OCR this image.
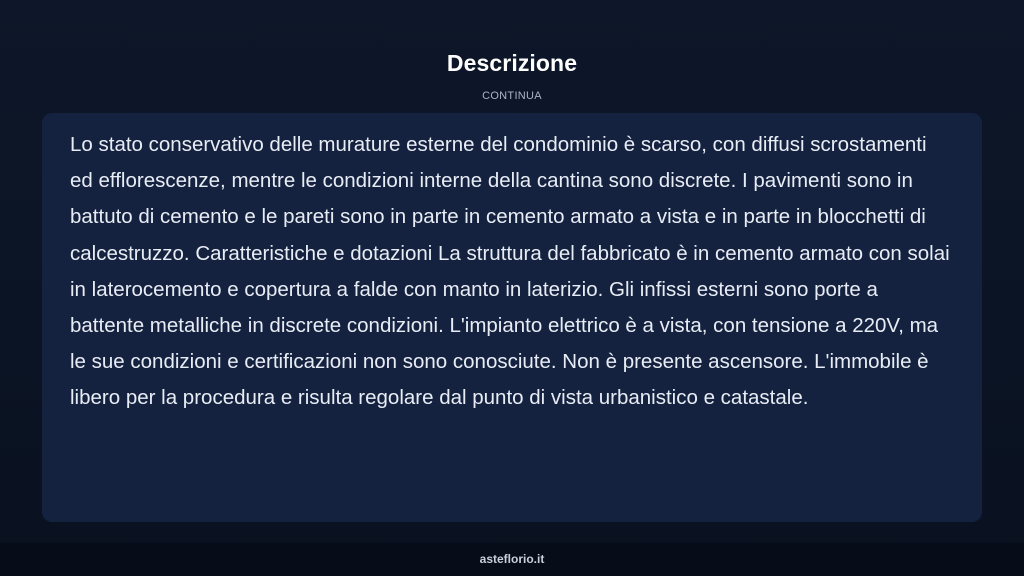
Descrizione
CONTINUA

Lo stato conservativo delle murature esterne del condominio è scarso, con diffusi scrostamenti ed efflorescenze, mentre le condizioni interne della cantina sono discrete. I pavimenti sono in battuto di cemento e le pareti sono in parte in cemento armato a vista e in parte in blocchetti di calcestruzzo. Caratteristiche e dotazioni La struttura del fabbricato è in cemento armato con solai in laterocemento e copertura a falde con manto in laterizio. Gli infissi esterni sono porte a battente metalliche in discrete condizioni. L'impianto elettrico è a vista, con tensione a 220V, ma le sue condizioni e certificazioni non sono conosciute. Non è presente ascensore. L'immobile è libero per la procedura e risulta regolare dal punto di vista urbanistico e catastale.

asteflorio.it
